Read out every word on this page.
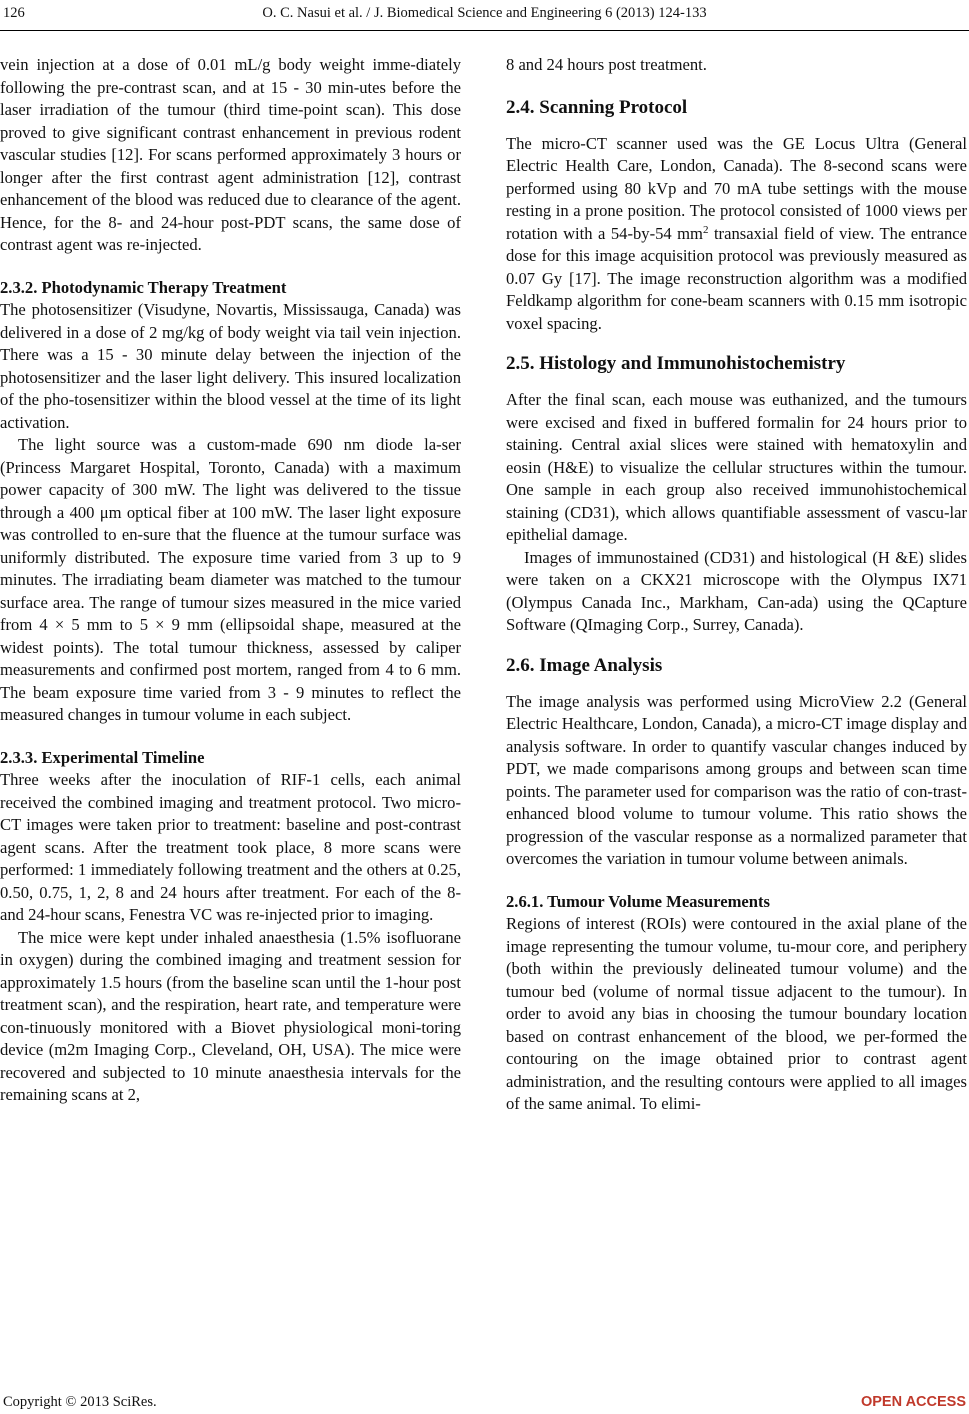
126	O. C. Nasui et al. / J. Biomedical Science and Engineering 6 (2013) 124-133

vein injection at a dose of 0.01 mL/g body weight imme-diately following the pre-contrast scan, and at 15 - 30 min-utes before the laser irradiation of the tumour (third time-point scan). This dose proved to give significant contrast enhancement in previous rodent vascular studies [12]. For scans performed approximately 3 hours or longer after the first contrast agent administration [12], contrast enhancement of the blood was reduced due to clearance of the agent. Hence, for the 8- and 24-hour post-PDT scans, the same dose of contrast agent was re-injected.

2.3.2. Photodynamic Therapy Treatment

The photosensitizer (Visudyne, Novartis, Mississauga, Canada) was delivered in a dose of 2 mg/kg of body weight via tail vein injection. There was a 15 - 30 minute delay between the injection of the photosensitizer and the laser light delivery. This insured localization of the pho-tosensitizer within the blood vessel at the time of its light activation.

The light source was a custom-made 690 nm diode la-ser (Princess Margaret Hospital, Toronto, Canada) with a maximum power capacity of 300 mW. The light was delivered to the tissue through a 400 μm optical fiber at 100 mW. The laser light exposure was controlled to en-sure that the fluence at the tumour surface was uniformly distributed. The exposure time varied from 3 up to 9 minutes. The irradiating beam diameter was matched to the tumour surface area. The range of tumour sizes measured in the mice varied from 4 × 5 mm to 5 × 9 mm (ellipsoidal shape, measured at the widest points). The total tumour thickness, assessed by caliper measurements and confirmed post mortem, ranged from 4 to 6 mm. The beam exposure time varied from 3 - 9 minutes to reflect the measured changes in tumour volume in each subject.

2.3.3. Experimental Timeline

Three weeks after the inoculation of RIF-1 cells, each animal received the combined imaging and treatment protocol. Two micro-CT images were taken prior to treatment: baseline and post-contrast agent scans. After the treatment took place, 8 more scans were performed: 1 immediately following treatment and the others at 0.25, 0.50, 0.75, 1, 2, 8 and 24 hours after treatment. For each of the 8- and 24-hour scans, Fenestra VC was re-injected prior to imaging.

The mice were kept under inhaled anaesthesia (1.5% isofluorane in oxygen) during the combined imaging and treatment session for approximately 1.5 hours (from the baseline scan until the 1-hour post treatment scan), and the respiration, heart rate, and temperature were con-tinuously monitored with a Biovet physiological moni-toring device (m2m Imaging Corp., Cleveland, OH, USA). The mice were recovered and subjected to 10 minute anaesthesia intervals for the remaining scans at 2,

8 and 24 hours post treatment.

2.4. Scanning Protocol

The micro-CT scanner used was the GE Locus Ultra (General Electric Health Care, London, Canada). The 8-second scans were performed using 80 kVp and 70 mA tube settings with the mouse resting in a prone position. The protocol consisted of 1000 views per rotation with a 54-by-54 $mm^2$ transaxial field of view. The entrance dose for this image acquisition protocol was previously measured as 0.07 Gy [17]. The image reconstruction algorithm was a modified Feldkamp algorithm for cone-beam scanners with 0.15 mm isotropic voxel spacing.

2.5. Histology and Immunohistochemistry

After the final scan, each mouse was euthanized, and the tumours were excised and fixed in buffered formalin for 24 hours prior to staining. Central axial slices were stained with hematoxylin and eosin (H&E) to visualize the cellular structures within the tumour. One sample in each group also received immunohistochemical staining (CD31), which allows quantifiable assessment of vascu-lar epithelial damage.

Images of immunostained (CD31) and histological (H &E) slides were taken on a CKX21 microscope with the Olympus IX71 (Olympus Canada Inc., Markham, Can-ada) using the QCapture Software (QImaging Corp., Surrey, Canada).

2.6. Image Analysis

The image analysis was performed using MicroView 2.2 (General Electric Healthcare, London, Canada), a micro-CT image display and analysis software. In order to quantify vascular changes induced by PDT, we made comparisons among groups and between scan time points. The parameter used for comparison was the ratio of con-trast-enhanced blood volume to tumour volume. This ratio shows the progression of the vascular response as a normalized parameter that overcomes the variation in tumour volume between animals.

2.6.1. Tumour Volume Measurements

Regions of interest (ROIs) were contoured in the axial plane of the image representing the tumour volume, tu-mour core, and periphery (both within the previously delineated tumour volume) and the tumour bed (volume of normal tissue adjacent to the tumour). In order to avoid any bias in choosing the tumour boundary location based on contrast enhancement of the blood, we per-formed the contouring on the image obtained prior to contrast agent administration, and the resulting contours were applied to all images of the same animal. To elimi-

Copyright © 2013 SciRes.	OPEN ACCESS
